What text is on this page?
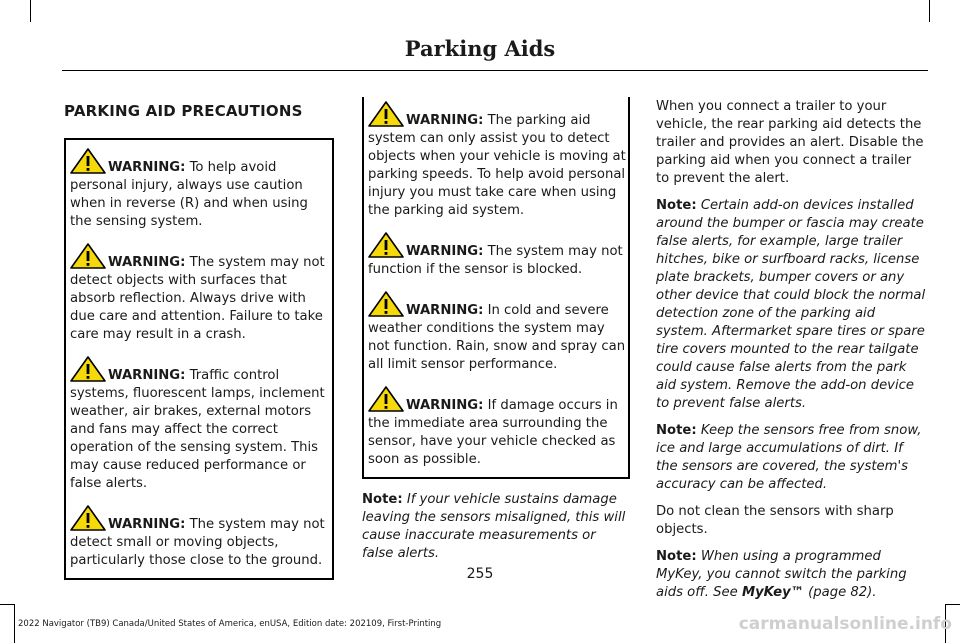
Parking Aids
PARKING AID PRECAUTIONS

WARNING: To help avoid personal injury, always use caution when in reverse (R) and when using the sensing system.

WARNING: The system may not detect objects with surfaces that absorb reflection. Always drive with due care and attention. Failure to take care may result in a crash.

WARNING: Traffic control systems, fluorescent lamps, inclement weather, air brakes, external motors and fans may affect the correct operation of the sensing system. This may cause reduced performance or false alerts.

WARNING: The system may not detect small or moving objects, particularly those close to the ground.

WARNING: The parking aid system can only assist you to detect objects when your vehicle is moving at parking speeds. To help avoid personal injury you must take care when using the parking aid system.

WARNING: The system may not function if the sensor is blocked.

WARNING: In cold and severe weather conditions the system may not function. Rain, snow and spray can all limit sensor performance.

WARNING: If damage occurs in the immediate area surrounding the sensor, have your vehicle checked as soon as possible.

Note: If your vehicle sustains damage leaving the sensors misaligned, this will cause inaccurate measurements or false alerts.

When you connect a trailer to your vehicle, the rear parking aid detects the trailer and provides an alert. Disable the parking aid when you connect a trailer to prevent the alert.

Note: Certain add-on devices installed around the bumper or fascia may create false alerts, for example, large trailer hitches, bike or surfboard racks, license plate brackets, bumper covers or any other device that could block the normal detection zone of the parking aid system. Aftermarket spare tires or spare tire covers mounted to the rear tailgate could cause false alerts from the park aid system. Remove the add-on device to prevent false alerts.

Note: Keep the sensors free from snow, ice and large accumulations of dirt. If the sensors are covered, the system's accuracy can be affected.

Do not clean the sensors with sharp objects.

Note: When using a programmed MyKey, you cannot switch the parking aids off. See MyKey™ (page 82).

255
2022 Navigator (TB9) Canada/United States of America, enUSA, Edition date: 202109, First-Printing	carmanualsonline.info
